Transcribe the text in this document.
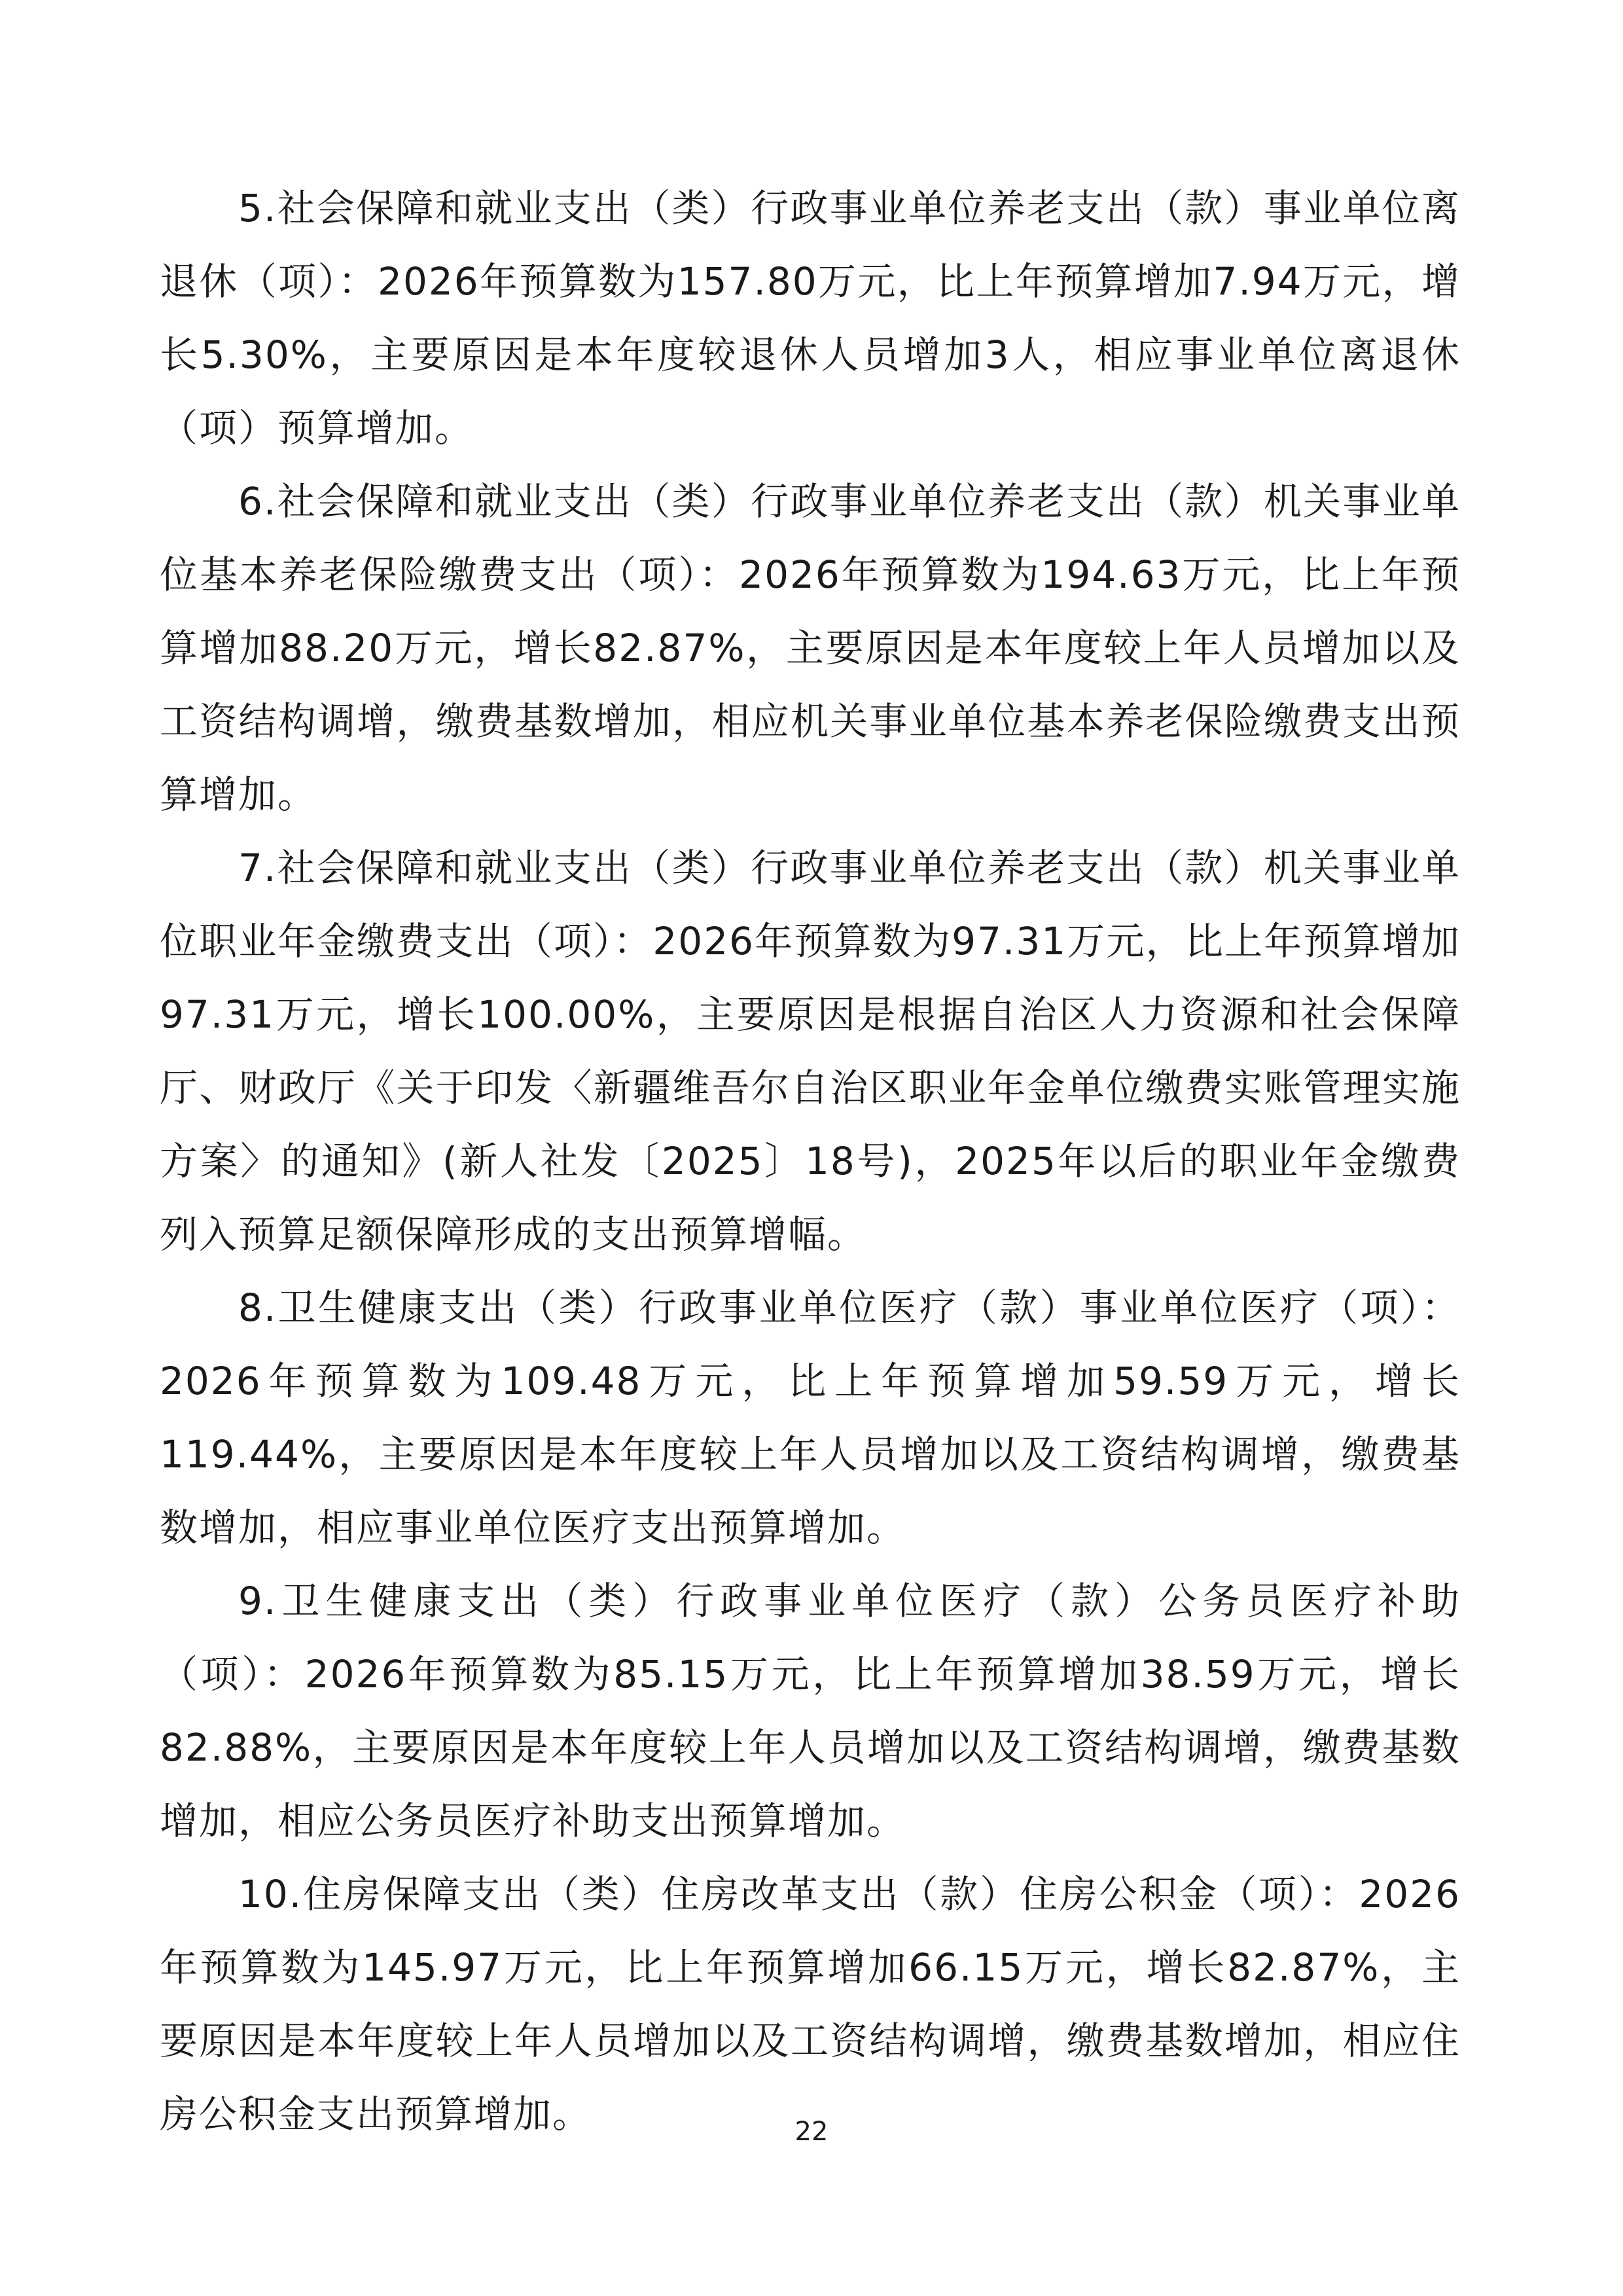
5.社会保障和就业支出（类）行政事业单位养老支出（款）事业单位离退休（项）：2026年预算数为157.80万元，比上年预算增加7.94万元，增长5.30%，主要原因是本年度较退休人员增加3人，相应事业单位离退休（项）预算增加。

6.社会保障和就业支出（类）行政事业单位养老支出（款）机关事业单位基本养老保险缴费支出（项）：2026年预算数为194.63万元，比上年预算增加88.20万元，增长82.87%，主要原因是本年度较上年人员增加以及工资结构调增，缴费基数增加，相应机关事业单位基本养老保险缴费支出预算增加。

7.社会保障和就业支出（类）行政事业单位养老支出（款）机关事业单位职业年金缴费支出（项）：2026年预算数为97.31万元，比上年预算增加97.31万元，增长100.00%，主要原因是根据自治区人力资源和社会保障厅、财政厅《关于印发〈新疆维吾尔自治区职业年金单位缴费实账管理实施方案〉的通知》(新人社发〔2025〕18号)，2025年以后的职业年金缴费列入预算足额保障形成的支出预算增幅。

8.卫生健康支出（类）行政事业单位医疗（款）事业单位医疗（项）：2026年预算数为109.48万元，比上年预算增加59.59万元，增长119.44%，主要原因是本年度较上年人员增加以及工资结构调增，缴费基数增加，相应事业单位医疗支出预算增加。

9.卫生健康支出（类）行政事业单位医疗（款）公务员医疗补助（项）：2026年预算数为85.15万元，比上年预算增加38.59万元，增长82.88%，主要原因是本年度较上年人员增加以及工资结构调增，缴费基数增加，相应公务员医疗补助支出预算增加。

10.住房保障支出（类）住房改革支出（款）住房公积金（项）：2026年预算数为145.97万元，比上年预算增加66.15万元，增长82.87%，主要原因是本年度较上年人员增加以及工资结构调增，缴费基数增加，相应住房公积金支出预算增加。	22
